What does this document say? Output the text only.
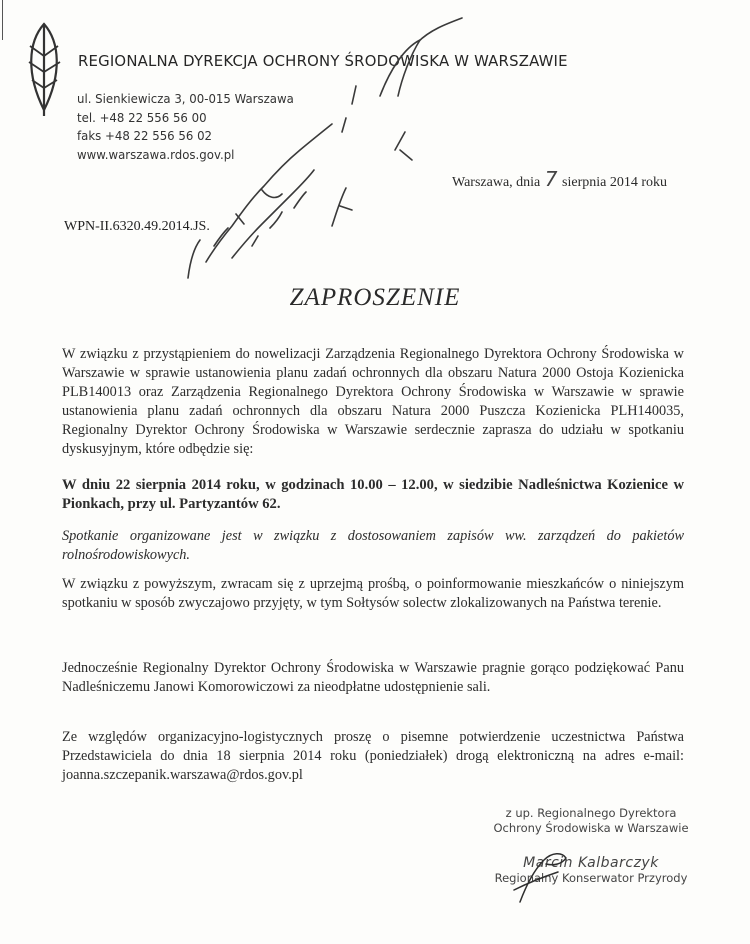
REGIONALNA DYREKCJA OCHRONY ŚRODOWISKA W WARSZAWIE
ul. Sienkiewicza 3, 00-015 Warszawa
tel. +48 22 556 56 00
faks +48 22 556 56 02
www.warszawa.rdos.gov.pl
Warszawa, dnia 7 sierpnia 2014 roku
WPN-II.6320.49.2014.JS.
ZAPROSZENIE
W związku z przystąpieniem do nowelizacji Zarządzenia Regionalnego Dyrektora Ochrony Środowiska w Warszawie w sprawie ustanowienia planu zadań ochronnych dla obszaru Natura 2000 Ostoja Kozienicka PLB140013 oraz Zarządzenia Regionalnego Dyrektora Ochrony Środowiska w Warszawie w sprawie ustanowienia planu zadań ochronnych dla obszaru Natura 2000 Puszcza Kozienicka PLH140035, Regionalny Dyrektor Ochrony Środowiska w Warszawie serdecznie zaprasza do udziału w spotkaniu dyskusyjnym, które odbędzie się:
W dniu 22 sierpnia 2014 roku, w godzinach 10.00 – 12.00, w siedzibie Nadleśnictwa Kozienice w Pionkach, przy ul. Partyzantów 62.
Spotkanie organizowane jest w związku z dostosowaniem zapisów ww. zarządzeń do pakietów rolnośrodowiskowych.
W związku z powyższym, zwracam się z uprzejmą prośbą, o poinformowanie mieszkańców o niniejszym spotkaniu w sposób zwyczajowo przyjęty, w tym Sołtysów solectw zlokalizowanych na Państwa terenie.
Jednocześnie Regionalny Dyrektor Ochrony Środowiska w Warszawie pragnie gorąco podziękować Panu Nadleśniczemu Janowi Komorowiczowi za nieodpłatne udostępnienie sali.
Ze względów organizacyjno-logistycznych proszę o pisemne potwierdzenie uczestnictwa Państwa Przedstawiciela do dnia 18 sierpnia 2014 roku (poniedziałek) drogą elektroniczną na adres e-mail: joanna.szczepanik.warszawa@rdos.gov.pl
z up. Regionalnego Dyrektora
Ochrony Środowiska w Warszawie
Marcin Kalbarczyk
Regionalny Konserwator Przyrody
